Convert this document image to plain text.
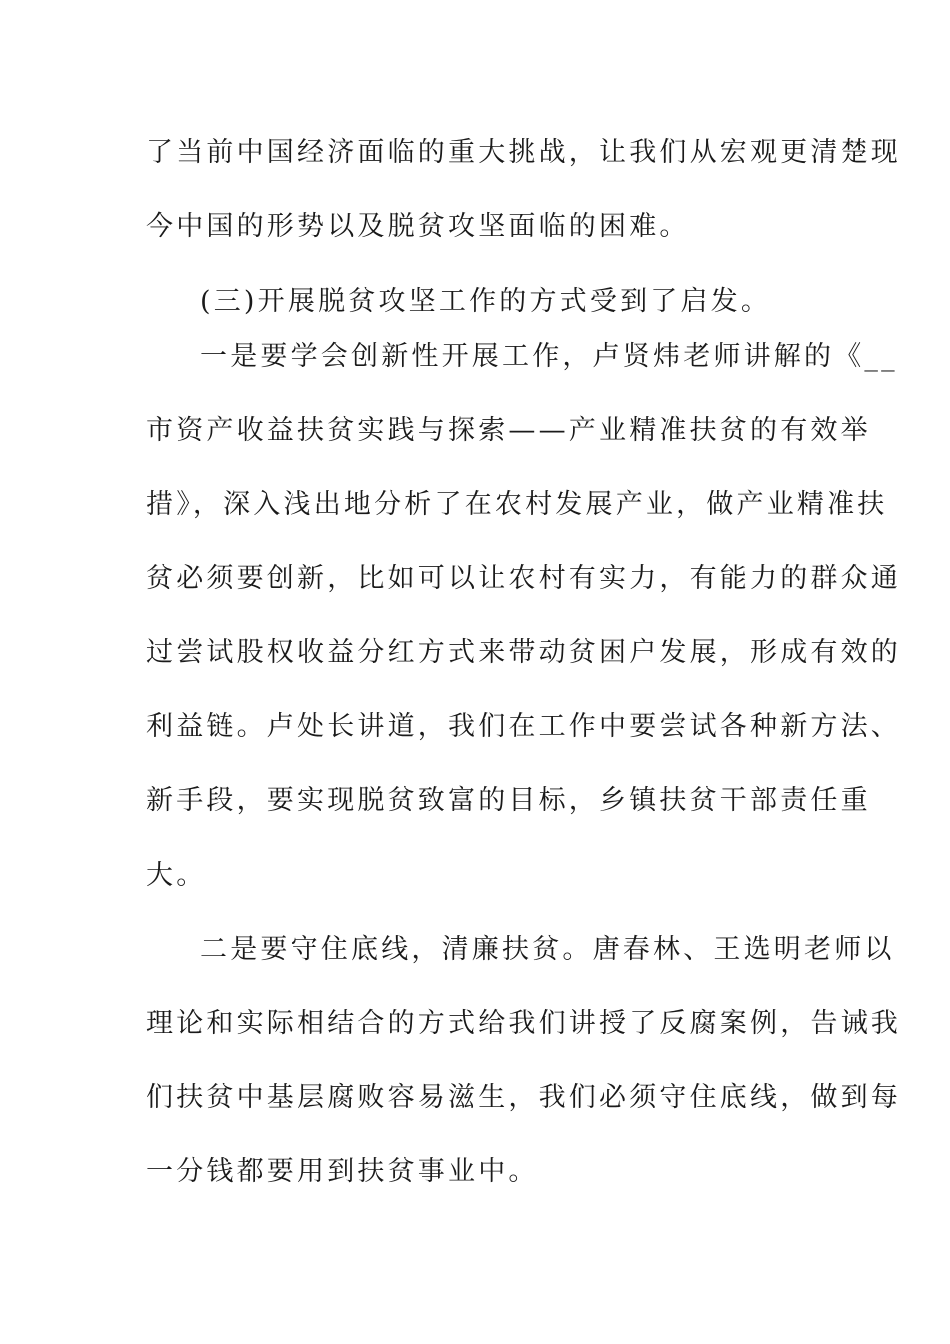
了当前中国经济面临的重大挑战，让我们从宏观更清楚现
今中国的形势以及脱贫攻坚面临的困难。
(三)开展脱贫攻坚工作的方式受到了启发。
一是要学会创新性开展工作，卢贤炜老师讲解的《__
市资产收益扶贫实践与探索——产业精准扶贫的有效举
措》，深入浅出地分析了在农村发展产业，做产业精准扶
贫必须要创新，比如可以让农村有实力，有能力的群众通
过尝试股权收益分红方式来带动贫困户发展，形成有效的
利益链。卢处长讲道，我们在工作中要尝试各种新方法、
新手段，要实现脱贫致富的目标，乡镇扶贫干部责任重
大。
二是要守住底线，清廉扶贫。唐春林、王选明老师以
理论和实际相结合的方式给我们讲授了反腐案例，告诫我
们扶贫中基层腐败容易滋生，我们必须守住底线，做到每
一分钱都要用到扶贫事业中。
